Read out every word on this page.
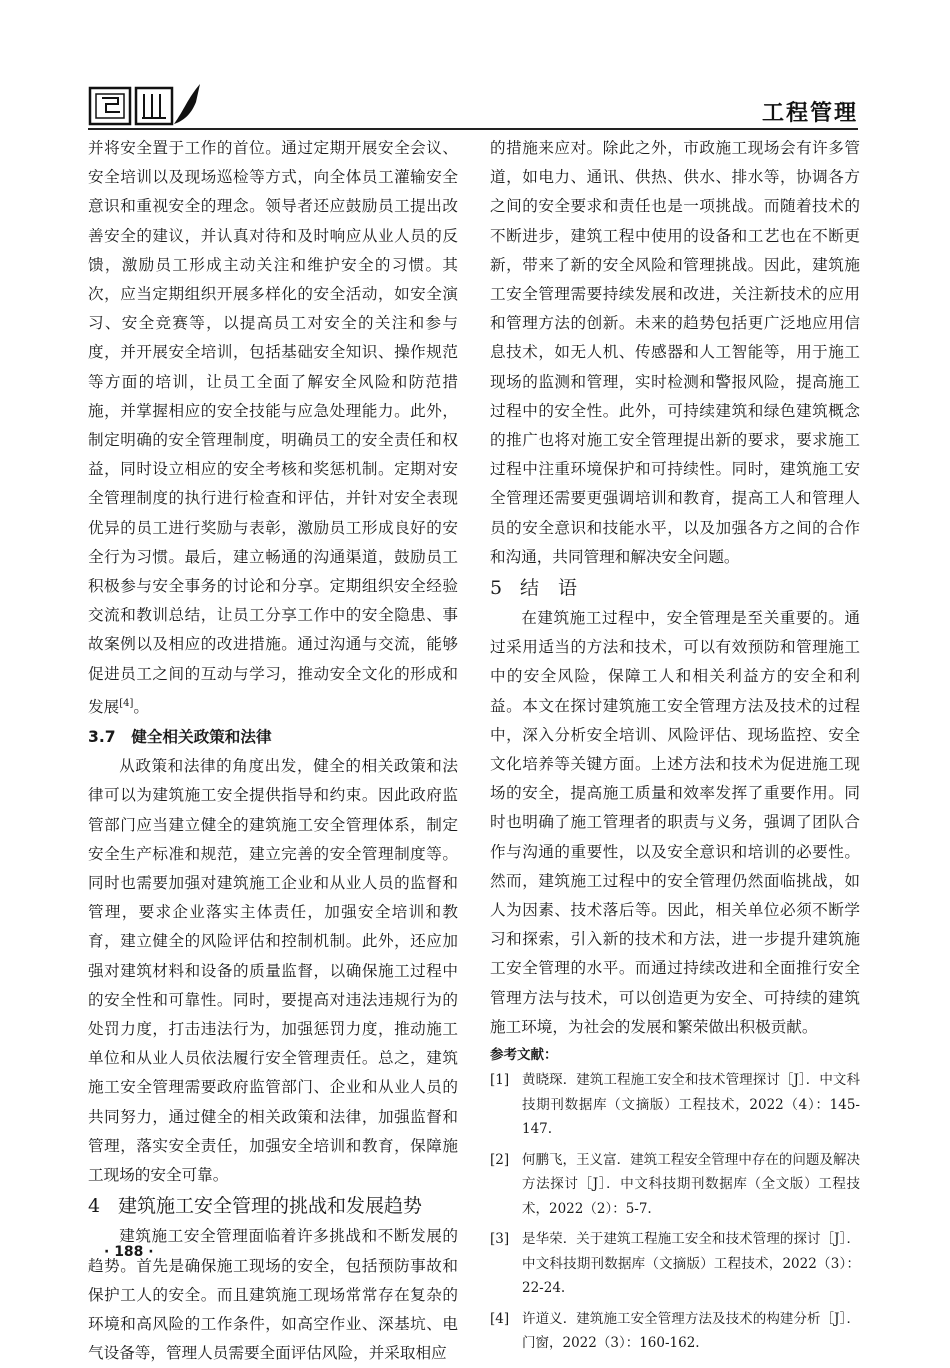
工程管理

并将安全置于工作的首位。通过定期开展安全会议、安全培训以及现场巡检等方式，向全体员工灌输安全意识和重视安全的理念。领导者还应鼓励员工提出改善安全的建议，并认真对待和及时响应从业人员的反馈，激励员工形成主动关注和维护安全的习惯。其次，应当定期组织开展多样化的安全活动，如安全演习、安全竞赛等，以提高员工对安全的关注和参与度，并开展安全培训，包括基础安全知识、操作规范等方面的培训，让员工全面了解安全风险和防范措施，并掌握相应的安全技能与应急处理能力。此外，制定明确的安全管理制度，明确员工的安全责任和权益，同时设立相应的安全考核和奖惩机制。定期对安全管理制度的执行进行检查和评估，并针对安全表现优异的员工进行奖励与表彰，激励员工形成良好的安全行为习惯。最后，建立畅通的沟通渠道，鼓励员工积极参与安全事务的讨论和分享。定期组织安全经验交流和教训总结，让员工分享工作中的安全隐患、事故案例以及相应的改进措施。通过沟通与交流，能够促进员工之间的互动与学习，推动安全文化的形成和发展[4]。

3.7　健全相关政策和法律

从政策和法律的角度出发，健全的相关政策和法律可以为建筑施工安全提供指导和约束。因此政府监管部门应当建立健全的建筑施工安全管理体系，制定安全生产标准和规范，建立完善的安全管理制度等。同时也需要加强对建筑施工企业和从业人员的监督和管理，要求企业落实主体责任，加强安全培训和教育，建立健全的风险评估和控制机制。此外，还应加强对建筑材料和设备的质量监督，以确保施工过程中的安全性和可靠性。同时，要提高对违法违规行为的处罚力度，打击违法行为，加强惩罚力度，推动施工单位和从业人员依法履行安全管理责任。总之，建筑施工安全管理需要政府监管部门、企业和从业人员的共同努力，通过健全的相关政策和法律，加强监督和管理，落实安全责任，加强安全培训和教育，保障施工现场的安全可靠。

4 建筑施工安全管理的挑战和发展趋势

建筑施工安全管理面临着许多挑战和不断发展的趋势。首先是确保施工现场的安全，包括预防事故和保护工人的安全。而且建筑施工现场常常存在复杂的环境和高风险的工作条件，如高空作业、深基坑、电气设备等，管理人员需要全面评估风险，并采取相应

的措施来应对。除此之外，市政施工现场会有许多管道，如电力、通讯、供热、供水、排水等，协调各方之间的安全要求和责任也是一项挑战。而随着技术的不断进步，建筑工程中使用的设备和工艺也在不断更新，带来了新的安全风险和管理挑战。因此，建筑施工安全管理需要持续发展和改进，关注新技术的应用和管理方法的创新。未来的趋势包括更广泛地应用信息技术，如无人机、传感器和人工智能等，用于施工现场的监测和管理，实时检测和警报风险，提高施工过程中的安全性。此外，可持续建筑和绿色建筑概念的推广也将对施工安全管理提出新的要求，要求施工过程中注重环境保护和可持续性。同时，建筑施工安全管理还需要更强调培训和教育，提高工人和管理人员的安全意识和技能水平，以及加强各方之间的合作和沟通，共同管理和解决安全问题。

5 结　语

在建筑施工过程中，安全管理是至关重要的。通过采用适当的方法和技术，可以有效预防和管理施工中的安全风险，保障工人和相关利益方的安全和利益。本文在探讨建筑施工安全管理方法及技术的过程中，深入分析安全培训、风险评估、现场监控、安全文化培养等关键方面。上述方法和技术为促进施工现场的安全，提高施工质量和效率发挥了重要作用。同时也明确了施工管理者的职责与义务，强调了团队合作与沟通的重要性，以及安全意识和培训的必要性。然而，建筑施工过程中的安全管理仍然面临挑战，如人为因素、技术落后等。因此，相关单位必须不断学习和探索，引入新的技术和方法，进一步提升建筑施工安全管理的水平。而通过持续改进和全面推行安全管理方法与技术，可以创造更为安全、可持续的建筑施工环境，为社会的发展和繁荣做出积极贡献。

参考文献：

[1] 黄晓琛．建筑工程施工安全和技术管理探讨［J］．中文科技期刊数据库（文摘版）工程技术，2022（4）：145-147.
[2] 何鹏飞，王义富．建筑工程安全管理中存在的问题及解决方法探讨［J］．中文科技期刊数据库（全文版）工程技术，2022（2）：5-7.
[3] 是华荣．关于建筑工程施工安全和技术管理的探讨［J］．中文科技期刊数据库（文摘版）工程技术，2022（3）：22-24.
[4] 许道义．建筑施工安全管理方法及技术的构建分析［J］．门窗，2022（3）：160-162.
· 188 ·
